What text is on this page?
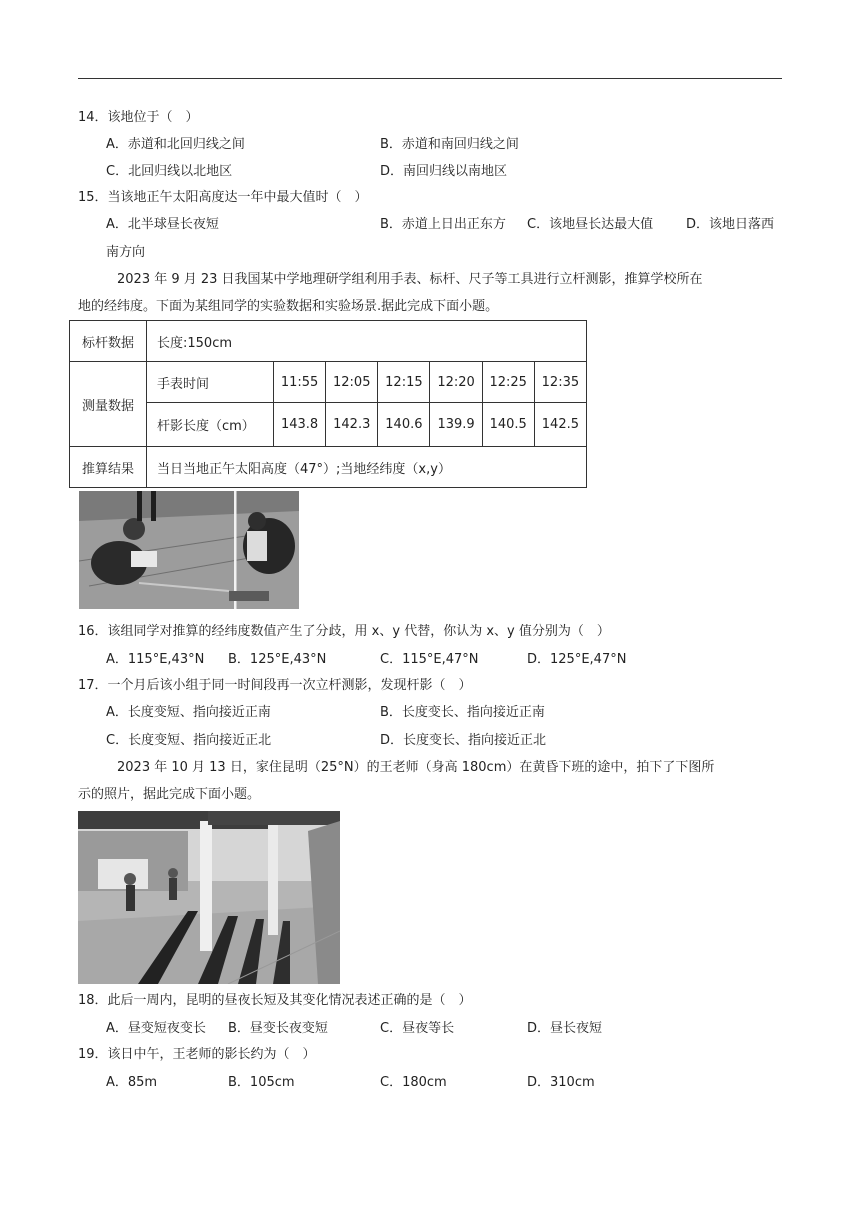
14．该地位于（　）
A．赤道和北回归线之间	B．赤道和南回归线之间
C．北回归线以北地区	D．南回归线以南地区
15．当该地正午太阳高度达一年中最大值时（　）
A．北半球昼长夜短	B．赤道上日出正东方 C．该地昼长达最大值	D．该地日落西
南方向
2023 年 9 月 23 日我国某中学地理研学组利用手表、标杆、尺子等工具进行立杆测影，推算学校所在
地的经纬度。下面为某组同学的实验数据和实验场景.据此完成下面小题。
标杆数据	长度:150cm						
测量数据	手表时间	11:55	12:05	12:15	12:20	12:25	12:35
	杆影长度（cm）	143.8	142.3	140.6	139.9	140.5	142.5
推算结果	当日当地正午太阳高度（47°）;当地经纬度（x,y）						
16．该组同学对推算的经纬度数值产生了分歧，用 x、y 代替，你认为 x、y 值分别为（　）
A．115°E,43°N B．125°E,43°N	C．115°E,47°N	D．125°E,47°N
17．一个月后该小组于同一时间段再一次立杆测影，发现杆影（　）
A．长度变短、指向接近正南	B．长度变长、指向接近正南
C．长度变短、指向接近正北	D．长度变长、指向接近正北
2023 年 10 月 13 日，家住昆明（25°N）的王老师（身高 180cm）在黄昏下班的途中，拍下了下图所
示的照片，据此完成下面小题。
18．此后一周内，昆明的昼夜长短及其变化情况表述正确的是（　）
A．昼变短夜变长 B．昼变长夜变短	C．昼夜等长	D．昼长夜短
19．该日中午，王老师的影长约为（　）
A．85m	B．105cm	C．180cm	D．310cm
